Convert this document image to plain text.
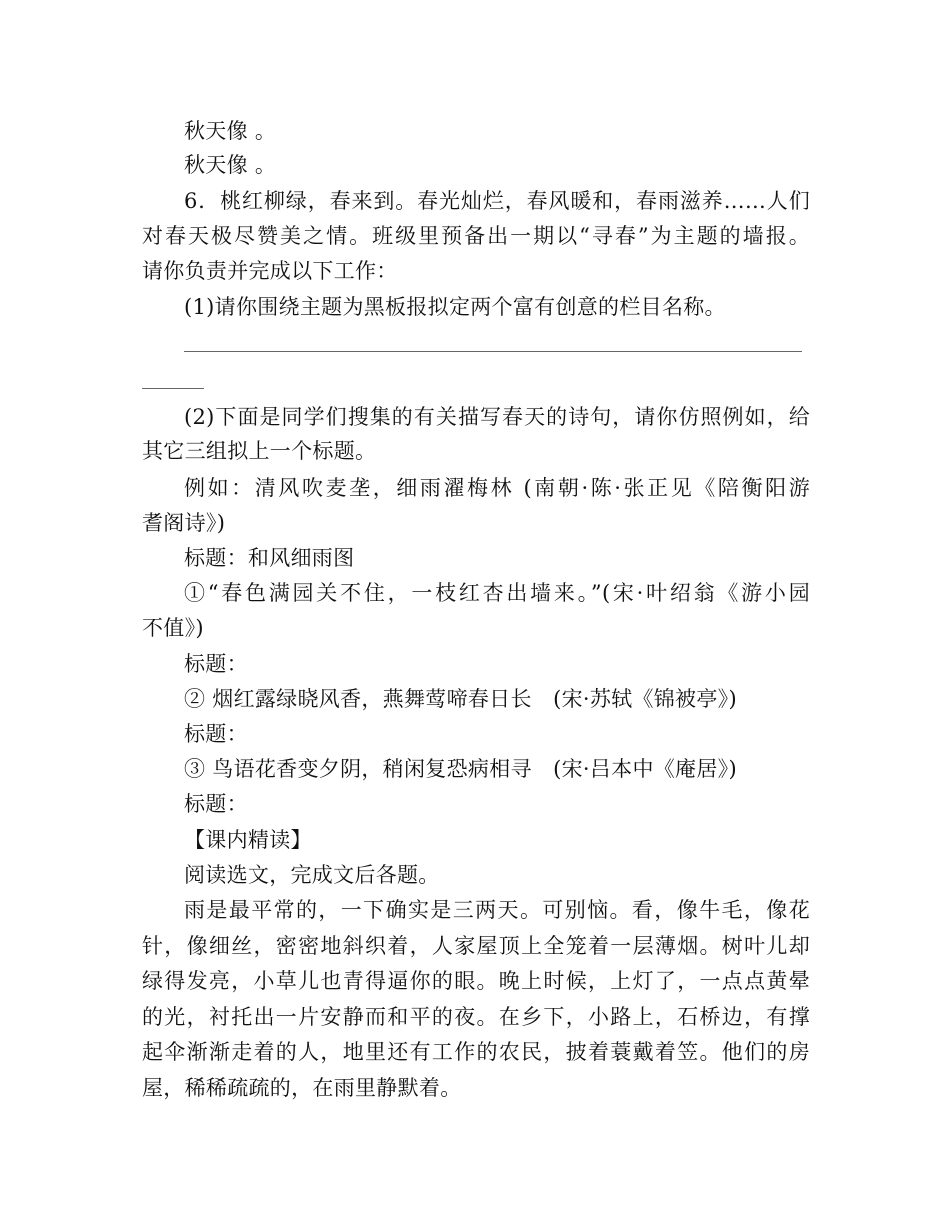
秋天像 。
秋天像 。
6．桃红柳绿，春来到。春光灿烂，春风暖和，春雨滋养……人们
对春天极尽赞美之情。班级里预备出一期以“寻春”为主题的墙报。
请你负责并完成以下工作：
(1)请你围绕主题为黑板报拟定两个富有创意的栏目名称。
(2)下面是同学们搜集的有关描写春天的诗句，请你仿照例如，给
其它三组拟上一个标题。
例如：清风吹麦垄，细雨濯梅林 (南朝·陈·张正见《陪衡阳游
耆阁诗》)
标题：和风细雨图
①“春色满园关不住，一枝红杏出墙来。”(宋·叶绍翁《游小园
不值》)
标题：
② 烟红露绿晓风香，燕舞莺啼春日长　(宋·苏轼《锦被亭》)
标题：
③ 鸟语花香变夕阴，稍闲复恐病相寻　(宋·吕本中《庵居》)
标题：
【课内精读】
阅读选文，完成文后各题。
雨是最平常的，一下确实是三两天。可别恼。看，像牛毛，像花
针，像细丝，密密地斜织着，人家屋顶上全笼着一层薄烟。树叶儿却
绿得发亮，小草儿也青得逼你的眼。晚上时候，上灯了，一点点黄晕
的光，衬托出一片安静而和平的夜。在乡下，小路上，石桥边，有撑
起伞渐渐走着的人，地里还有工作的农民，披着蓑戴着笠。他们的房
屋，稀稀疏疏的，在雨里静默着。
